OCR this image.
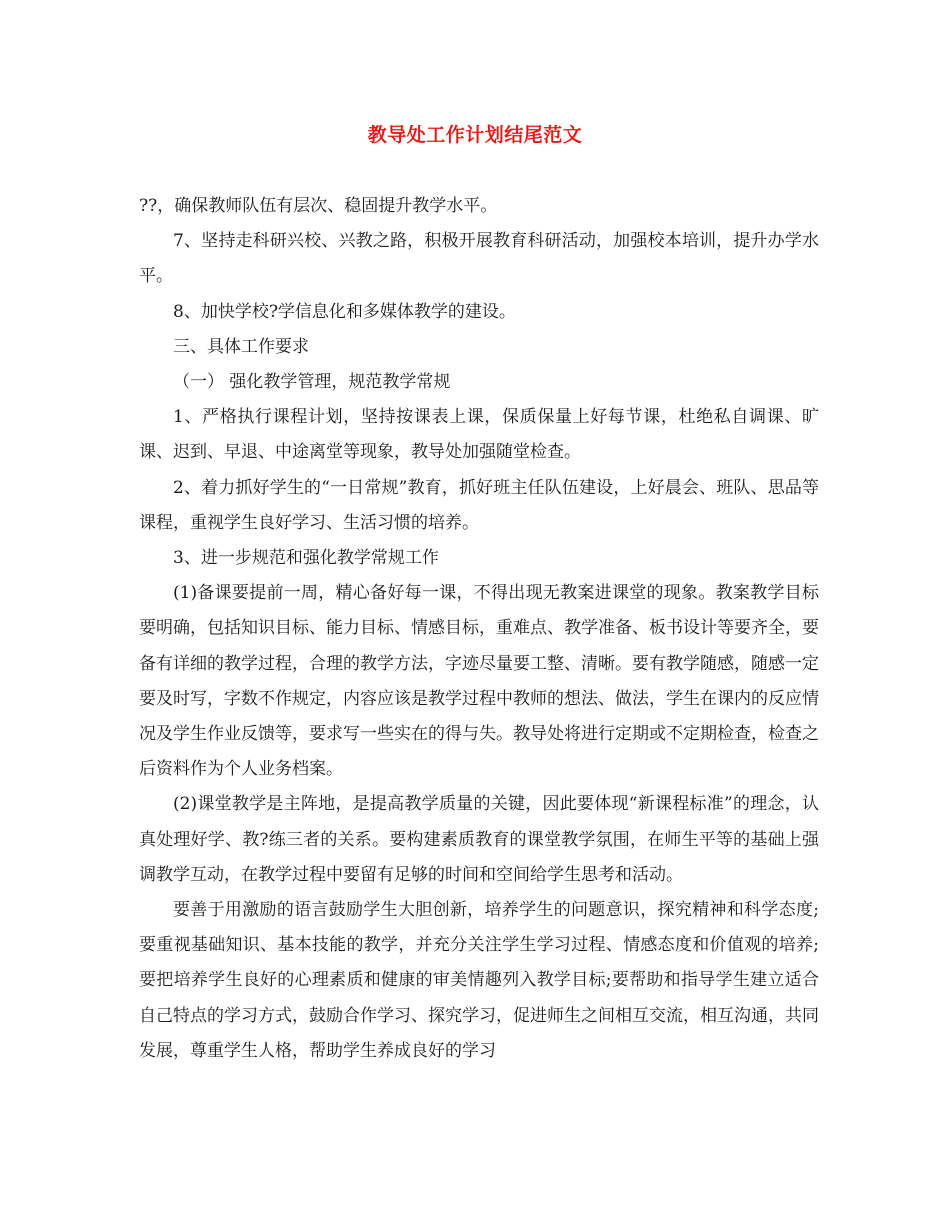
教导处工作计划结尾范文

??，确保教师队伍有层次、稳固提升教学水平。

7、坚持走科研兴校、兴教之路，积极开展教育科研活动，加强校本培训，提升办学水平。

8、加快学校?学信息化和多媒体教学的建设。

三、具体工作要求

（一） 强化教学管理，规范教学常规

1、严格执行课程计划，坚持按课表上课，保质保量上好每节课，杜绝私自调课、旷课、迟到、早退、中途离堂等现象，教导处加强随堂检查。

2、着力抓好学生的“一日常规”教育，抓好班主任队伍建设，上好晨会、班队、思品等课程，重视学生良好学习、生活习惯的培养。

3、进一步规范和强化教学常规工作

(1)备课要提前一周，精心备好每一课，不得出现无教案进课堂的现象。教案教学目标要明确，包括知识目标、能力目标、情感目标，重难点、教学准备、板书设计等要齐全，要备有详细的教学过程，合理的教学方法，字迹尽量要工整、清晰。要有教学随感，随感一定要及时写，字数不作规定，内容应该是教学过程中教师的想法、做法，学生在课内的反应情况及学生作业反馈等，要求写一些实在的得与失。教导处将进行定期或不定期检查，检查之后资料作为个人业务档案。

(2)课堂教学是主阵地，是提高教学质量的关键，因此要体现“新课程标准”的理念，认真处理好学、教?练三者的关系。要构建素质教育的课堂教学氛围，在师生平等的基础上强调教学互动，在教学过程中要留有足够的时间和空间给学生思考和活动。

要善于用激励的语言鼓励学生大胆创新，培养学生的问题意识，探究精神和科学态度;要重视基础知识、基本技能的教学，并充分关注学生学习过程、情感态度和价值观的培养;要把培养学生良好的心理素质和健康的审美情趣列入教学目标;要帮助和指导学生建立适合自己特点的学习方式，鼓励合作学习、探究学习，促进师生之间相互交流，相互沟通，共同发展，尊重学生人格，帮助学生养成良好的学习
